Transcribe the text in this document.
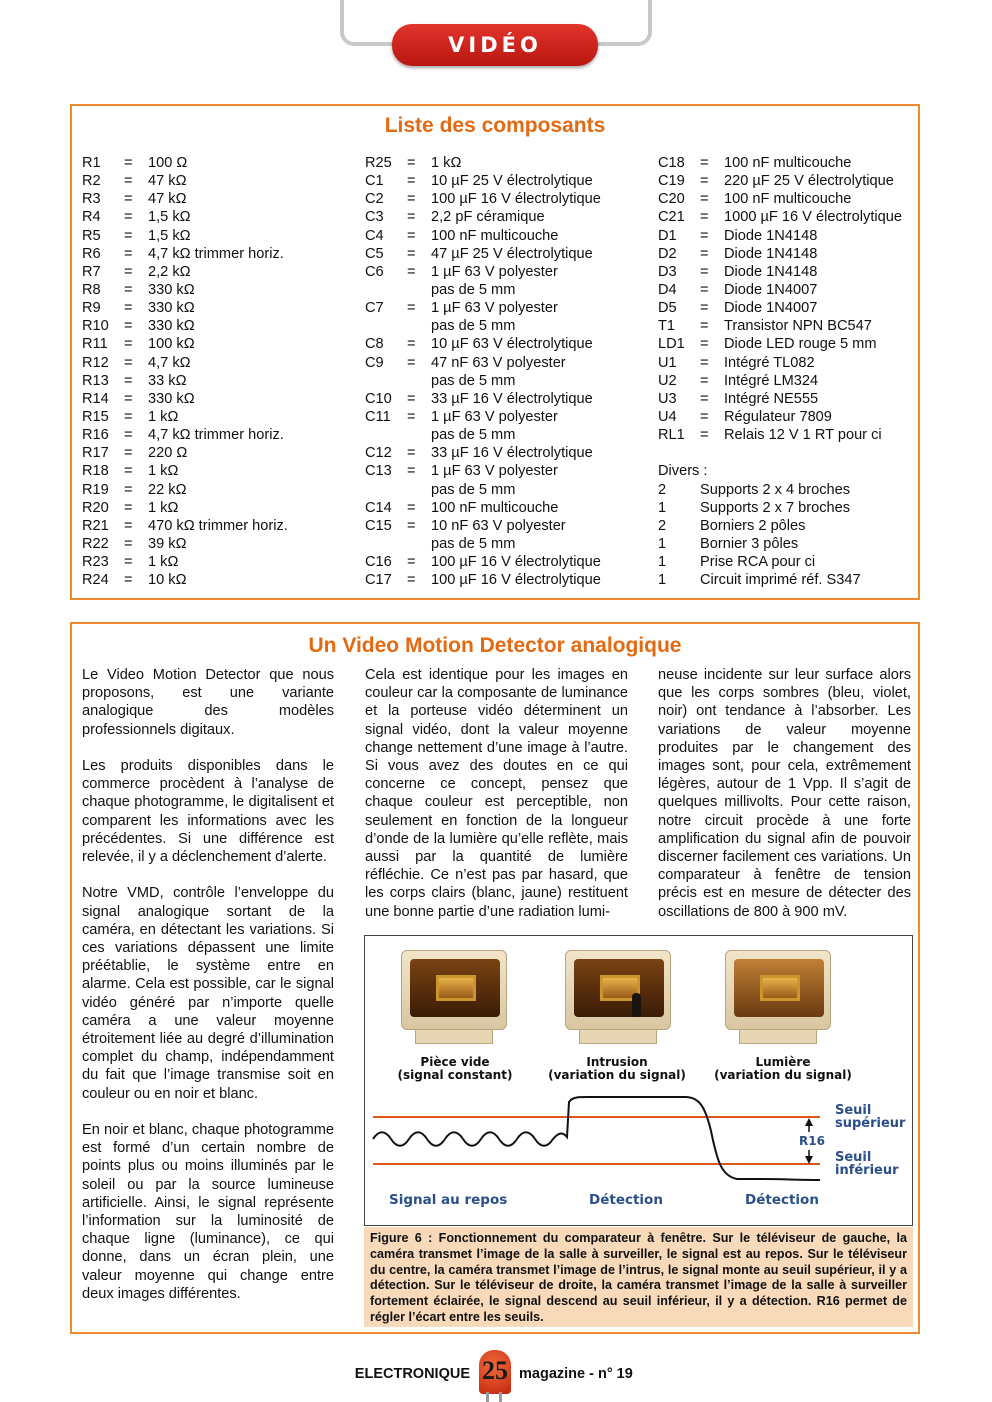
VIDÉO
Liste des composants
R1	=	100 Ω
R2	=	47 kΩ
R3	=	47 kΩ
R4	=	1,5 kΩ
R5	=	1,5 kΩ
R6	=	4,7 kΩ trimmer horiz.
R7	=	2,2 kΩ
R8	=	330 kΩ
R9	=	330 kΩ
R10	=	330 kΩ
R11	=	100 kΩ
R12	=	4,7 kΩ
R13	=	33 kΩ
R14	=	330 kΩ
R15	=	1 kΩ
R16	=	4,7 kΩ trimmer horiz.
R17	=	220 Ω
R18	=	1 kΩ
R19	=	22 kΩ
R20	=	1 kΩ
R21	=	470 kΩ trimmer horiz.
R22	=	39 kΩ
R23	=	1 kΩ
R24	=	10 kΩ
R25	=	1 kΩ
C1	=	10 µF 25 V électrolytique
C2	=	100 µF 16 V électrolytique
C3	=	2,2 pF céramique
C4	=	100 nF multicouche
C5	=	47 µF 25 V électrolytique
C6	=	1 µF 63 V polyester
pas de 5 mm
C7	=	1 µF 63 V polyester
pas de 5 mm
C8	=	10 µF 63 V électrolytique
C9	=	47 nF 63 V polyester
pas de 5 mm
C10	=	33 µF 16 V électrolytique
C11	=	1 µF 63 V polyester
pas de 5 mm
C12	=	33 µF 16 V électrolytique
C13	=	1 µF 63 V polyester
pas de 5 mm
C14	=	100 nF multicouche
C15	=	10 nF 63 V polyester
pas de 5 mm
C16	=	100 µF 16 V électrolytique
C17	=	100 µF 16 V électrolytique
C18	=	100 nF multicouche
C19	=	220 µF 25 V électrolytique
C20	=	100 nF multicouche
C21	=	1000 µF 16 V électrolytique
D1	=	Diode 1N4148
D2	=	Diode 1N4148
D3	=	Diode 1N4148
D4	=	Diode 1N4007
D5	=	Diode 1N4007
T1	=	Transistor NPN BC547
LD1	=	Diode LED rouge 5 mm
U1	=	Intégré TL082
U2	=	Intégré LM324
U3	=	Intégré NE555
U4	=	Régulateur 7809
RL1	=	Relais 12 V 1 RT pour ci
Divers :
2	Supports 2 x 4 broches
1	Supports 2 x 7 broches
2	Borniers 2 pôles
1	Bornier 3 pôles
1	Prise RCA pour ci
1	Circuit imprimé réf. S347
Un Video Motion Detector analogique

Le Video Motion Detector que nous proposons, est une variante analogique des modèles professionnels digitaux.

Les produits disponibles dans le commerce procèdent à l’analyse de chaque photogramme, le digitalisent et comparent les informations avec les précédentes. Si une différence est relevée, il y a déclenchement d’alerte.

Notre VMD, contrôle l’enveloppe du signal analogique sortant de la caméra, en détectant les variations. Si ces variations dépassent une limite préétablie, le système entre en alarme. Cela est possible, car le signal vidéo généré par n’importe quelle caméra a une valeur moyenne étroitement liée au degré d’illumination complet du champ, indépendamment du fait que l’image transmise soit en couleur ou en noir et blanc.

En noir et blanc, chaque photogramme est formé d’un certain nombre de points plus ou moins illuminés par le soleil ou par la source lumineuse artificielle. Ainsi, le signal représente l’information sur la luminosité de chaque ligne (luminance), ce qui donne, dans un écran plein, une valeur moyenne qui change entre deux images différentes.

Cela est identique pour les images en couleur car la composante de luminance et la porteuse vidéo déterminent un signal vidéo, dont la valeur moyenne change nettement d’une image à l’autre. Si vous avez des doutes en ce qui concerne ce concept, pensez que chaque couleur est perceptible, non seulement en fonction de la longueur d’onde de la lumière qu’elle reflète, mais aussi par la quantité de lumière réfléchie. Ce n’est pas par hasard, que les corps clairs (blanc, jaune) restituent une bonne partie d’une radiation lumi-

neuse incidente sur leur surface alors que les corps sombres (bleu, violet, noir) ont tendance à l’absorber. Les variations de valeur moyenne produites par le changement des images sont, pour cela, extrêmement légères, autour de 1 Vpp. Il s’agit de quelques millivolts. Pour cette raison, notre circuit procède à une forte amplification du signal afin de pouvoir discerner facilement ces variations. Un comparateur à fenêtre de tension précis est en mesure de détecter des oscillations de 800 à 900 mV.

Pièce vide
(signal constant)
Intrusion
(variation du signal)
Lumière
(variation du signal)
Seuil
supérieur
Seuil
inférieur
R16
Signal au repos	Détection	Détection
Figure 6 : Fonctionnement du comparateur à fenêtre. Sur le téléviseur de gauche, la caméra transmet l’image de la salle à surveiller, le signal est au repos. Sur le téléviseur du centre, la caméra transmet l’image de l’intrus, le signal monte au seuil supérieur, il y a détection. Sur le téléviseur de droite, la caméra transmet l’image de la salle à surveiller fortement éclairée, le signal descend au seuil inférieur, il y a détection. R16 permet de régler l’écart entre les seuils.
ELECTRONIQUE 25 magazine - n° 19
